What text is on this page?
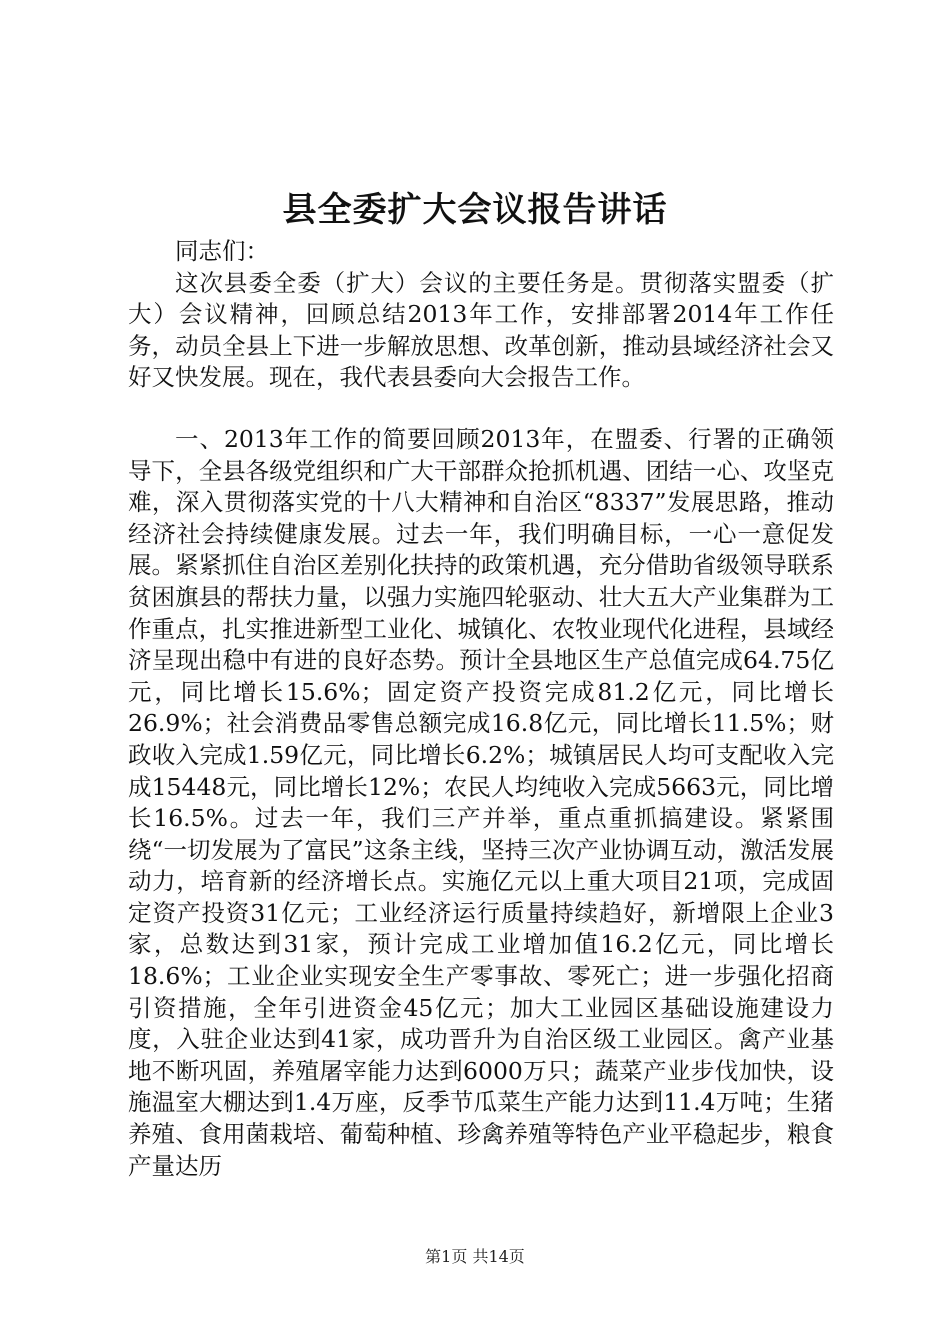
县全委扩大会议报告讲话

同志们：

这次县委全委（扩大）会议的主要任务是。贯彻落实盟委（扩大）会议精神，回顾总结2013年工作，安排部署2014年工作任务，动员全县上下进一步解放思想、改革创新，推动县域经济社会又好又快发展。现在，我代表县委向大会报告工作。

一、2013年工作的简要回顾2013年，在盟委、行署的正确领导下，全县各级党组织和广大干部群众抢抓机遇、团结一心、攻坚克难，深入贯彻落实党的十八大精神和自治区“8337”发展思路，推动经济社会持续健康发展。过去一年，我们明确目标，一心一意促发展。紧紧抓住自治区差别化扶持的政策机遇，充分借助省级领导联系贫困旗县的帮扶力量，以强力实施四轮驱动、壮大五大产业集群为工作重点，扎实推进新型工业化、城镇化、农牧业现代化进程，县域经济呈现出稳中有进的良好态势。预计全县地区生产总值完成64.75亿元，同比增长15.6%；固定资产投资完成81.2亿元，同比增长26.9%；社会消费品零售总额完成16.8亿元，同比增长11.5%；财政收入完成1.59亿元，同比增长6.2%；城镇居民人均可支配收入完成15448元，同比增长12%；农民人均纯收入完成5663元，同比增长16.5%。过去一年，我们三产并举，重点重抓搞建设。紧紧围绕“一切发展为了富民”这条主线，坚持三次产业协调互动，激活发展动力，培育新的经济增长点。实施亿元以上重大项目21项，完成固定资产投资31亿元；工业经济运行质量持续趋好，新增限上企业3家，总数达到31家，预计完成工业增加值16.2亿元，同比增长18.6%；工业企业实现安全生产零事故、零死亡；进一步强化招商引资措施，全年引进资金45亿元；加大工业园区基础设施建设力度，入驻企业达到41家，成功晋升为自治区级工业园区。禽产业基地不断巩固，养殖屠宰能力达到6000万只；蔬菜产业步伐加快，设施温室大棚达到1.4万座，反季节瓜菜生产能力达到11.4万吨；生猪养殖、食用菌栽培、葡萄种植、珍禽养殖等特色产业平稳起步，粮食产量达历

第1页 共14页
